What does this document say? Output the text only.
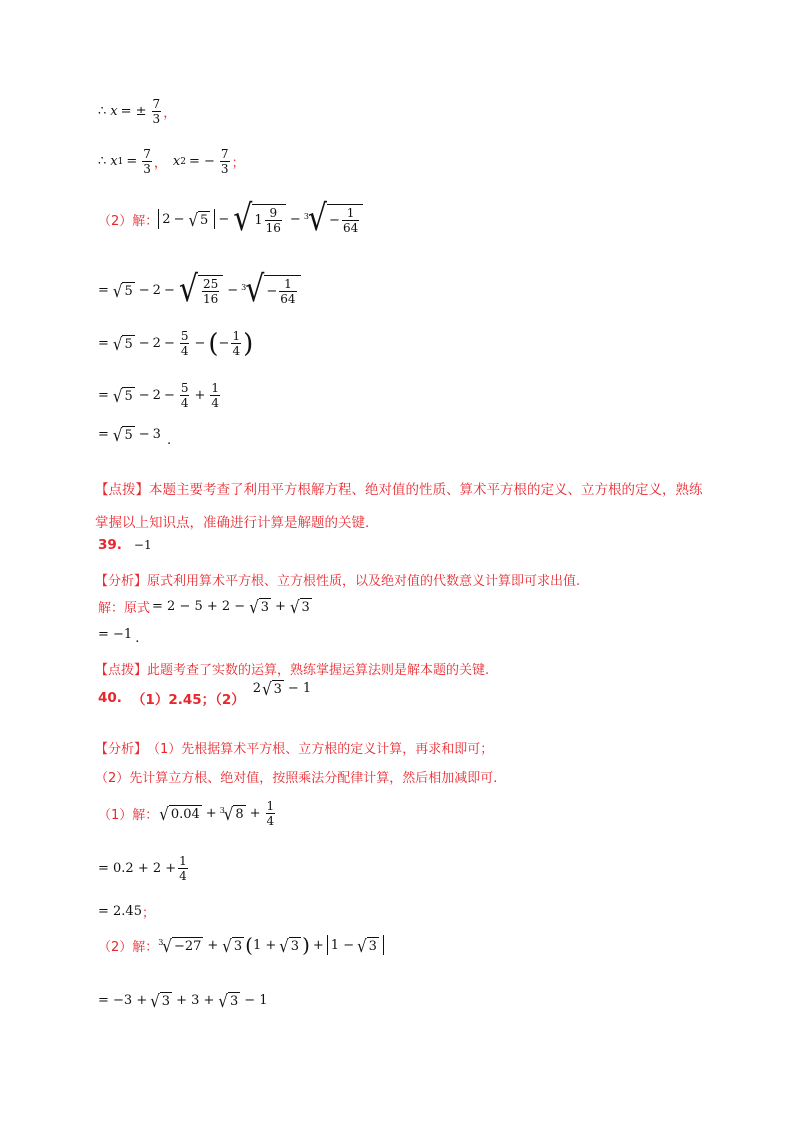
∴ x = ± $\frac{7}{3}$ ，
∴ x $1 = \frac{7}{3}$ ， x 2 = − $\frac{7}{3}$ ；
（2）解： 2 − √ 5 − √ $1 \frac{9}{16} - 3$ √ − $\frac{1}{64}$
= √ 5 − 2 − √ $\frac{25}{16} - 3$ √ − $\frac{1}{64}$
= √ $5 - 2 - \frac{5}{4}$ − ( − $\frac{1}{4}$ )
= √ $5 - 2 - \frac{5}{4} + \frac{1}{4}$
= √ 5 − 3 .
【点拨】本题主要考查了利用平方根解方程、绝对值的性质、算术平方根的定义、立方根的定义，熟练掌握以上知识点，准确进行计算是解题的关键.
39. −1
【分析】 原式利用算术平方根、立方根性质，以及绝对值的代数意义计算即可求出值.
解：原式 = 2 − 5 + 2 − √ 3 + √ 3
= −1 .
【点拨】 此题考查了实数的运算，熟练掌握运算法则是解本题的关键.
40. （1）2.45；（2）
2 √ 3 − 1
【分析】 （1）先根据算术平方根、立方根的定义计算，再求和即可；
（2）先计算立方根、绝对值，按照乘法分配律计算，然后相加减即可.
（1）解： √ 0.04 + 3 √ $8 + \frac{1}{4}$
= $0.2 + 2 + \frac{1}{4}$
= 2.45 ；
（2）解： 3 √ −27 + √ 3 ( 1 + √ 3 ) + 1 − √ 3
= −3 + √ 3 + 3 + √ 3 − 1
